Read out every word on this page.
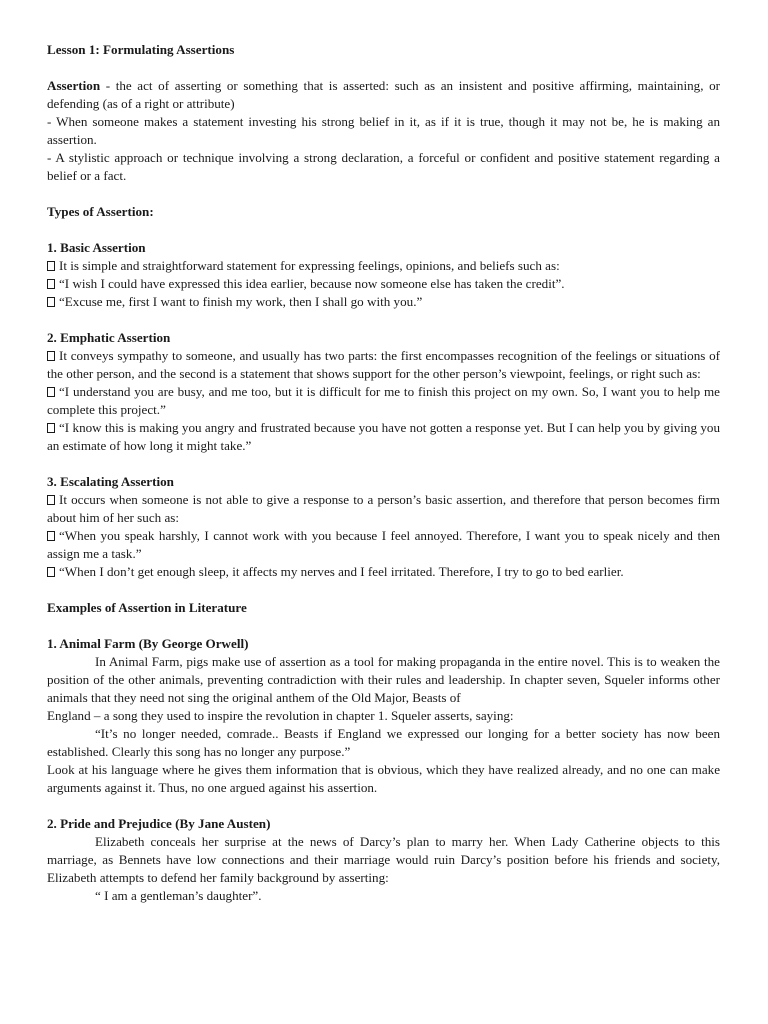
Lesson 1: Formulating Assertions

Assertion - the act of asserting or something that is asserted: such as an insistent and positive affirming, maintaining, or defending (as of a right or attribute)

- When someone makes a statement investing his strong belief in it, as if it is true, though it may not be, he is making an assertion.

- A stylistic approach or technique involving a strong declaration, a forceful or confident and positive statement regarding a belief or a fact.

Types of Assertion:

1. Basic Assertion

It is simple and straightforward statement for expressing feelings, opinions, and beliefs such as:

“I wish I could have expressed this idea earlier, because now someone else has taken the credit”.

“Excuse me, first I want to finish my work, then I shall go with you.”

2. Emphatic Assertion

It conveys sympathy to someone, and usually has two parts: the first encompasses recognition of the feelings or situations of the other person, and the second is a statement that shows support for the other person’s viewpoint, feelings, or right such as:

“I understand you are busy, and me too, but it is difficult for me to finish this project on my own. So, I want you to help me complete this project.”

“I know this is making you angry and frustrated because you have not gotten a response yet. But I can help you by giving you an estimate of how long it might take.”

3. Escalating Assertion

It occurs when someone is not able to give a response to a person’s basic assertion, and therefore that person becomes firm about him of her such as:

“When you speak harshly, I cannot work with you because I feel annoyed. Therefore, I want you to speak nicely and then assign me a task.”

“When I don’t get enough sleep, it affects my nerves and I feel irritated. Therefore, I try to go to bed earlier.

Examples of Assertion in Literature

1. Animal Farm (By George Orwell)

In Animal Farm, pigs make use of assertion as a tool for making propaganda in the entire novel. This is to weaken the position of the other animals, preventing contradiction with their rules and leadership. In chapter seven, Squeler informs other animals that they need not sing the original anthem of the Old Major, Beasts of

England – a song they used to inspire the revolution in chapter 1. Squeler asserts, saying:

“It’s no longer needed, comrade.. Beasts if England we expressed our longing for a better society has now been established. Clearly this song has no longer any purpose.”

Look at his language where he gives them information that is obvious, which they have realized already, and no one can make arguments against it. Thus, no one argued against his assertion.

2. Pride and Prejudice (By Jane Austen)

Elizabeth conceals her surprise at the news of Darcy’s plan to marry her. When Lady Catherine objects to this marriage, as Bennets have low connections and their marriage would ruin Darcy’s position before his friends and society, Elizabeth attempts to defend her family background by asserting:

“ I am a gentleman’s daughter”.
